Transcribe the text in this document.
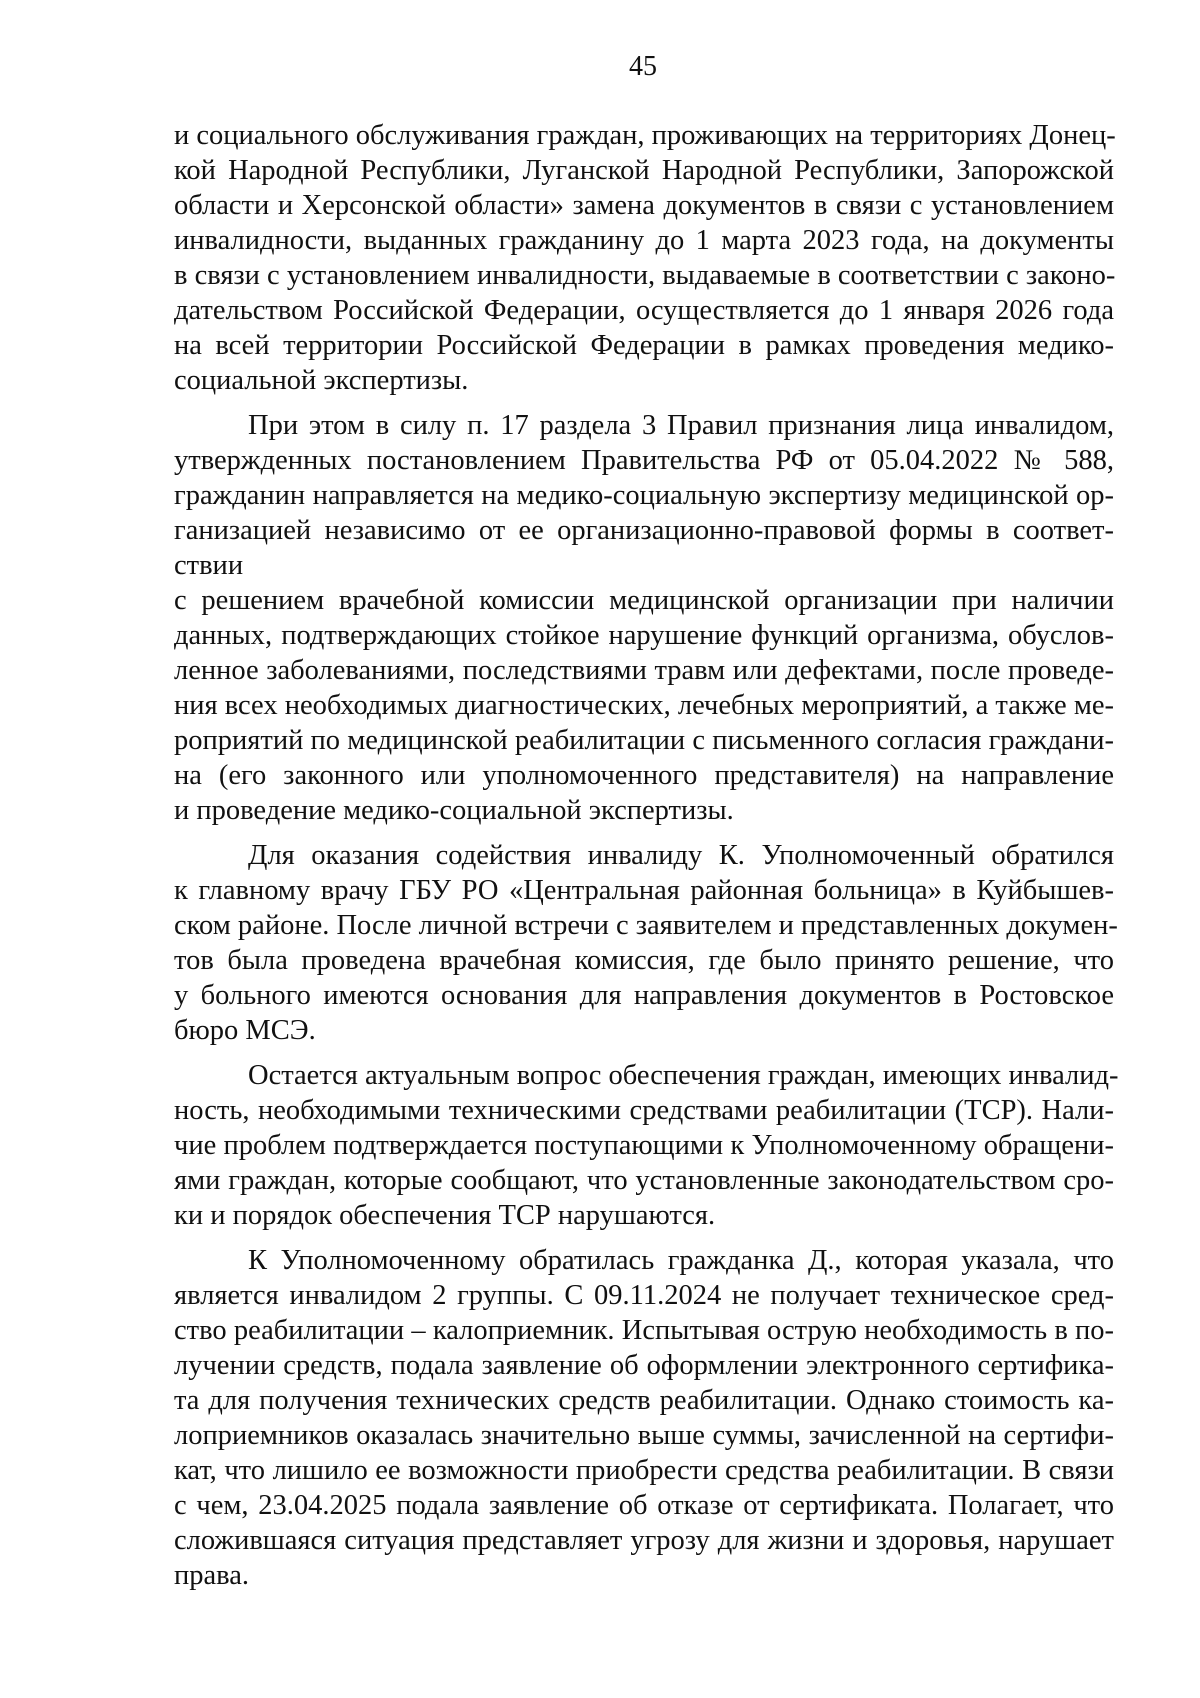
45
и социального обслуживания граждан, проживающих на территориях Донец-
кой Народной Республики, Луганской Народной Республики, Запорожской
области и Херсонской области» замена документов в связи с установлением
инвалидности, выданных гражданину до 1 марта 2023 года, на документы
в связи с установлением инвалидности, выдаваемые в соответствии с законо-
дательством Российской Федерации, осуществляется до 1 января 2026 года
на всей территории Российской Федерации в рамках проведения медико-
социальной экспертизы.
При этом в силу п. 17 раздела 3 Правил признания лица инвалидом,
утвержденных постановлением Правительства РФ от 05.04.2022 № 588,
гражданин направляется на медико-социальную экспертизу медицинской ор-
ганизацией независимо от ее организационно-правовой формы в соответ-
ствии
с решением врачебной комиссии медицинской организации при наличии
данных, подтверждающих стойкое нарушение функций организма, обуслов-
ленное заболеваниями, последствиями травм или дефектами, после проведе-
ния всех необходимых диагностических, лечебных мероприятий, а также ме-
роприятий по медицинской реабилитации с письменного согласия граждани-
на (его законного или уполномоченного представителя) на направление
и проведение медико-социальной экспертизы.
Для оказания содействия инвалиду К. Уполномоченный обратился
к главному врачу ГБУ РО «Центральная районная больница» в Куйбышев-
ском районе. После личной встречи с заявителем и представленных докумен-
тов была проведена врачебная комиссия, где было принято решение, что
у больного имеются основания для направления документов в Ростовское
бюро МСЭ.
Остается актуальным вопрос обеспечения граждан, имеющих инвалид-
ность, необходимыми техническими средствами реабилитации (ТСР). Нали-
чие проблем подтверждается поступающими к Уполномоченному обращени-
ями граждан, которые сообщают, что установленные законодательством сро-
ки и порядок обеспечения ТСР нарушаются.
К Уполномоченному обратилась гражданка Д., которая указала, что
является инвалидом 2 группы. С 09.11.2024 не получает техническое сред-
ство реабилитации – калоприемник. Испытывая острую необходимость в по-
лучении средств, подала заявление об оформлении электронного сертифика-
та для получения технических средств реабилитации. Однако стоимость ка-
лоприемников оказалась значительно выше суммы, зачисленной на сертифи-
кат, что лишило ее возможности приобрести средства реабилитации. В связи
с чем, 23.04.2025 подала заявление об отказе от сертификата. Полагает, что
сложившаяся ситуация представляет угрозу для жизни и здоровья, нарушает
права.
